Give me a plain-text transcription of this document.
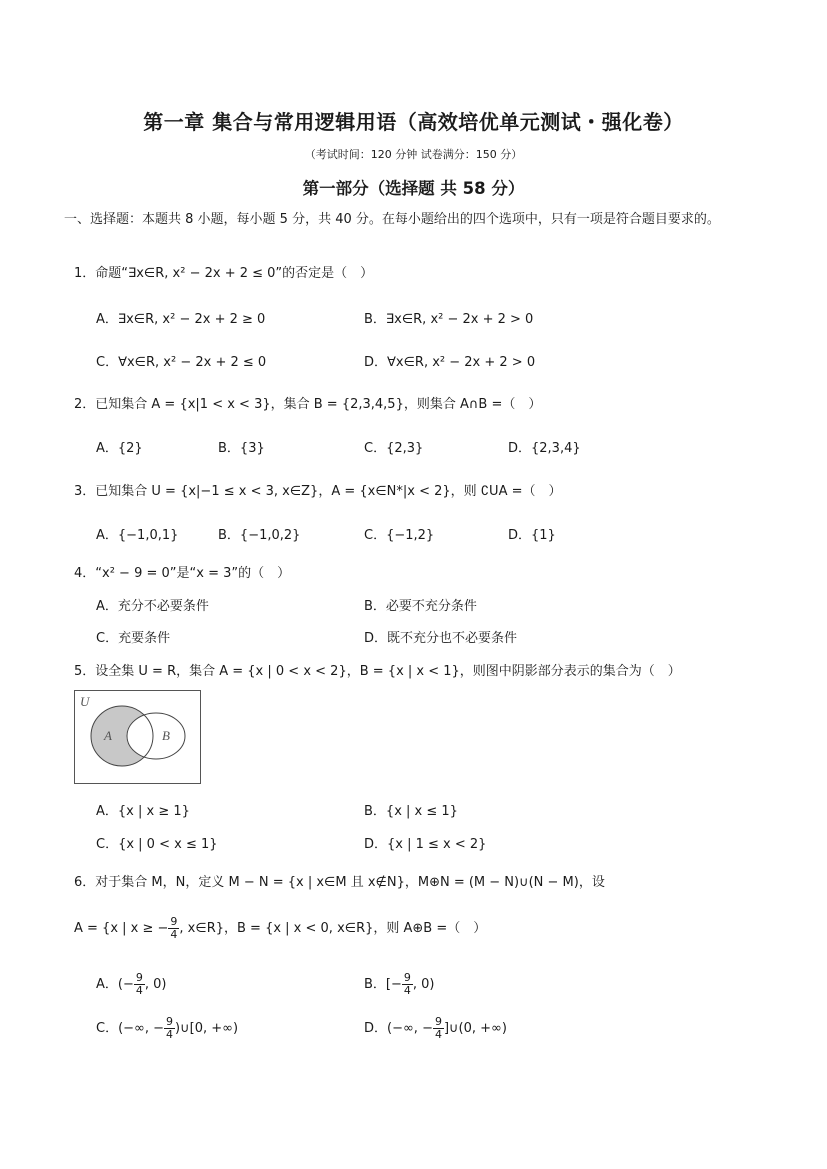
第一章 集合与常用逻辑用语（高效培优单元测试・强化卷）
（考试时间：120 分钟 试卷满分：150 分）
第一部分（选择题 共 58 分）
一、选择题：本题共 8 小题，每小题 5 分，共 40 分。在每小题给出的四个选项中，只有一项是符合题目要求的。
1．命题“∃x∈R, x² − 2x + 2 ≤ 0”的否定是（　）
A．∃x∈R, x² − 2x + 2 ≥ 0	B．∃x∈R, x² − 2x + 2 > 0
C．∀x∈R, x² − 2x + 2 ≤ 0	D．∀x∈R, x² − 2x + 2 > 0
2．已知集合 A = {x|1 < x < 3}，集合 B = {2,3,4,5}，则集合 A∩B =（　）
A．{2}	B．{3}	C．{2,3}	D．{2,3,4}
3．已知集合 U = {x|−1 ≤ x < 3, x∈Z}，A = {x∈N*|x < 2}，则 ∁UA =（　）
A．{−1,0,1}	B．{−1,0,2}	C．{−1,2}	D．{1}
4．“x² − 9 = 0”是“x = 3”的（　）
A．充分不必要条件	B．必要不充分条件
C．充要条件	D．既不充分也不必要条件
5．设全集 U = R，集合 A = {x | 0 < x < 2}，B = {x | x < 1}，则图中阴影部分表示的集合为（　）
U
A	B
A．{x | x ≥ 1}	B．{x | x ≤ 1}
C．{x | 0 < x ≤ 1}	D．{x | 1 ≤ x < 2}
6．对于集合 M，N，定义 M − N = {x | x∈M 且 x∉N}，M⊕N = (M − N)∪(N − M)，设
A = {x | x ≥ − $\frac{9}{4}$ , x∈R}，B = {x | x < 0, x∈R}，则 A⊕B =（　）
A．(− $\frac{9}{4}$ , 0)	B．[− $\frac{9}{4}$ , 0)
C．(−∞, − $\frac{9}{4}$ )∪[0, +∞)	D．(−∞, − $\frac{9}{4}$ ]∪(0, +∞)
